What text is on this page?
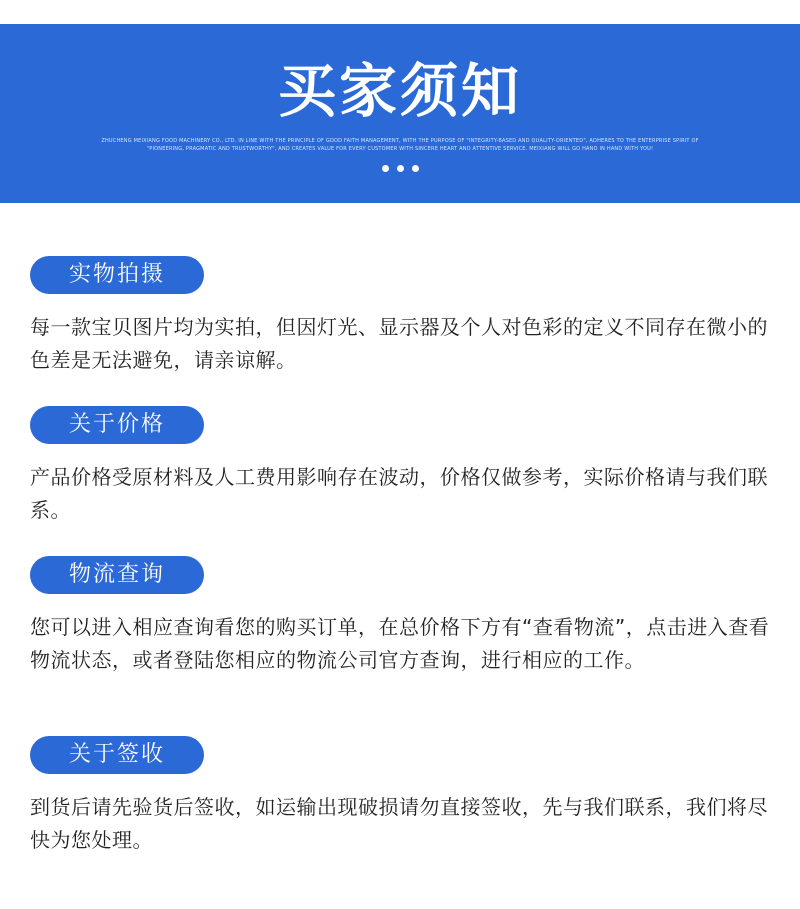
买家须知
ZHUCHENG MEIXIANG FOOD MACHINERY CO., LTD. IN LINE WITH THE PRINCIPLE OF GOOD FAITH MANAGEMENT, WITH THE PURPOSE OF "INTEGRITY-BASED AND QUALITY-ORIENTED", ADHERES TO THE ENTERPRISE SPIRIT OF "PIONEERING, PRAGMATIC AND TRUSTWORTHY", AND CREATES VALUE FOR EVERY CUSTOMER WITH SINCERE HEART AND ATTENTIVE SERVICE. MEIXIANG WILL GO HAND IN HAND WITH YOU!
实物拍摄
每一款宝贝图片均为实拍，但因灯光、显示器及个人对色彩的定义不同存在微小的色差是无法避免，请亲谅解。
关于价格
产品价格受原材料及人工费用影响存在波动，价格仅做参考，实际价格请与我们联系。
物流查询
您可以进入相应查询看您的购买订单，在总价格下方有“查看物流”，点击进入查看物流状态，或者登陆您相应的物流公司官方查询，进行相应的工作。
关于签收
到货后请先验货后签收，如运输出现破损请勿直接签收，先与我们联系，我们将尽快为您处理。
